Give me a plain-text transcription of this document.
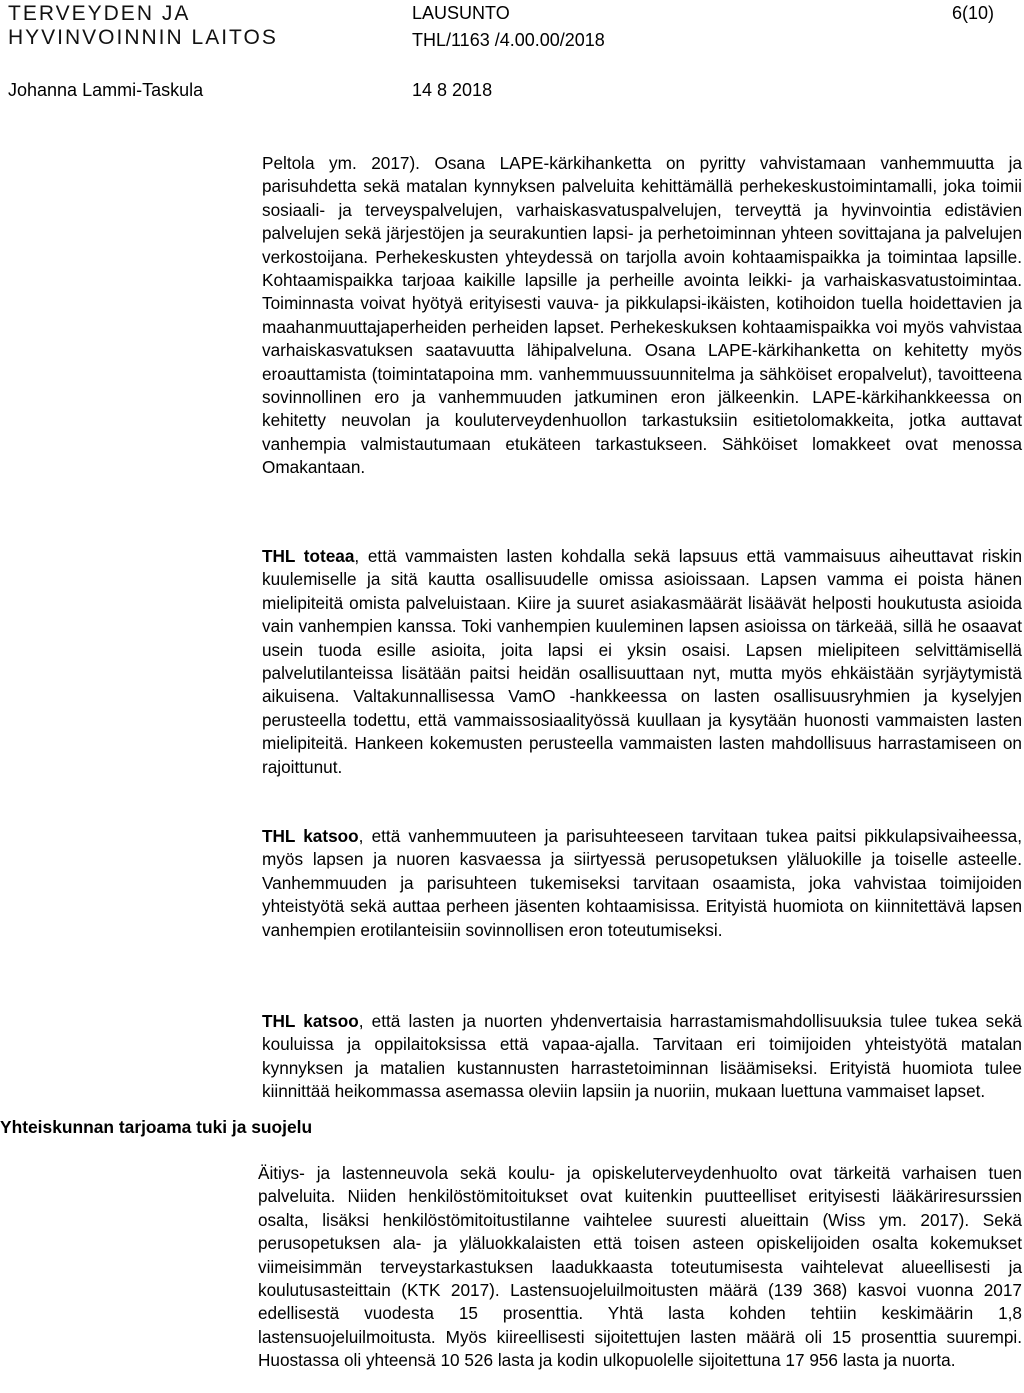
TERVEYDEN JA
HYVINVOINNIN LAITOS
LAUSUNTO
THL/1163 /4.00.00/2018
6(10)
Johanna Lammi-Taskula	14 8 2018
Peltola ym. 2017). Osana LAPE-kärkihanketta on pyritty vahvistamaan vanhemmuutta ja parisuhdetta sekä matalan kynnyksen palveluita kehittämällä perhekeskustoimintamalli, joka toimii sosiaali- ja terveyspalvelujen, varhaiskasvatuspalvelujen, terveyttä ja hyvinvointia edistävien palvelujen sekä järjestöjen ja seurakuntien lapsi- ja perhetoiminnan yhteen sovittajana ja palvelujen verkostoijana. Perhekeskusten yhteydessä on tarjolla avoin kohtaamispaikka ja toimintaa lapsille. Kohtaamispaikka tarjoaa kaikille lapsille ja perheille avointa leikki- ja varhaiskasvatustoimintaa. Toiminnasta voivat hyötyä erityisesti vauva- ja pikkulapsi-ikäisten, kotihoidon tuella hoidettavien ja maahanmuuttajaperheiden perheiden lapset. Perhekeskuksen kohtaamispaikka voi myös vahvistaa varhaiskasvatuksen saatavuutta lähipalveluna. Osana LAPE-kärkihanketta on kehitetty myös eroauttamista (toimintatapoina mm. vanhemmuussuunnitelma ja sähköiset eropalvelut), tavoitteena sovinnollinen ero ja vanhemmuuden jatkuminen eron jälkeenkin. LAPE-kärkihankkeessa on kehitetty neuvolan ja kouluterveydenhuollon tarkastuksiin esitietolomakkeita, jotka auttavat vanhempia valmistautumaan etukäteen tarkastukseen. Sähköiset lomakkeet ovat menossa Omakantaan.
THL toteaa, että vammaisten lasten kohdalla sekä lapsuus että vammaisuus aiheuttavat riskin kuulemiselle ja sitä kautta osallisuudelle omissa asioissaan. Lapsen vamma ei poista hänen mielipiteitä omista palveluistaan. Kiire ja suuret asiakasmäärät lisäävät helposti houkutusta asioida vain vanhempien kanssa. Toki vanhempien kuuleminen lapsen asioissa on tärkeää, sillä he osaavat usein tuoda esille asioita, joita lapsi ei yksin osaisi. Lapsen mielipiteen selvittämisellä palvelutilanteissa lisätään paitsi heidän osallisuuttaan nyt, mutta myös ehkäistään syrjäytymistä aikuisena. Valtakunnallisessa VamO -hankkeessa on lasten osallisuusryhmien ja kyselyjen perusteella todettu, että vammaissosiaalityössä kuullaan ja kysytään huonosti vammaisten lasten mielipiteitä. Hankeen kokemusten perusteella vammaisten lasten mahdollisuus harrastamiseen on rajoittunut.
THL katsoo, että vanhemmuuteen ja parisuhteeseen tarvitaan tukea paitsi pikkulapsivaiheessa, myös lapsen ja nuoren kasvaessa ja siirtyessä perusopetuksen yläluokille ja toiselle asteelle. Vanhemmuuden ja parisuhteen tukemiseksi tarvitaan osaamista, joka vahvistaa toimijoiden yhteistyötä sekä auttaa perheen jäsenten kohtaamisissa. Erityistä huomiota on kiinnitettävä lapsen vanhempien erotilanteisiin sovinnollisen eron toteutumiseksi.
THL katsoo, että lasten ja nuorten yhdenvertaisia harrastamismahdollisuuksia tulee tukea sekä kouluissa ja oppilaitoksissa että vapaa-ajalla. Tarvitaan eri toimijoiden yhteistyötä matalan kynnyksen ja matalien kustannusten harrastetoiminnan lisäämiseksi. Erityistä huomiota tulee kiinnittää heikommassa asemassa oleviin lapsiin ja nuoriin, mukaan luettuna vammaiset lapset.
Yhteiskunnan tarjoama tuki ja suojelu
Äitiys- ja lastenneuvola sekä koulu- ja opiskeluterveydenhuolto ovat tärkeitä varhaisen tuen palveluita. Niiden henkilöstömitoitukset ovat kuitenkin puutteelliset erityisesti lääkäriresurssien osalta, lisäksi henkilöstömitoitustilanne vaihtelee suuresti alueittain (Wiss ym. 2017). Sekä perusopetuksen ala- ja yläluokkalaisten että toisen asteen opiskelijoiden osalta kokemukset viimeisimmän terveystarkastuksen laadukkaasta toteutumisesta vaihtelevat alueellisesti ja koulutusasteittain (KTK 2017). Lastensuojeluilmoitusten määrä (139 368) kasvoi vuonna 2017 edellisestä vuodesta 15 prosenttia. Yhtä lasta kohden tehtiin keskimäärin 1,8 lastensuojeluilmoitusta. Myös kiireellisesti sijoitettujen lasten määrä oli 15 prosenttia suurempi. Huostassa oli yhteensä 10 526 lasta ja kodin ulkopuolelle sijoitettuna 17 956 lasta ja nuorta.
